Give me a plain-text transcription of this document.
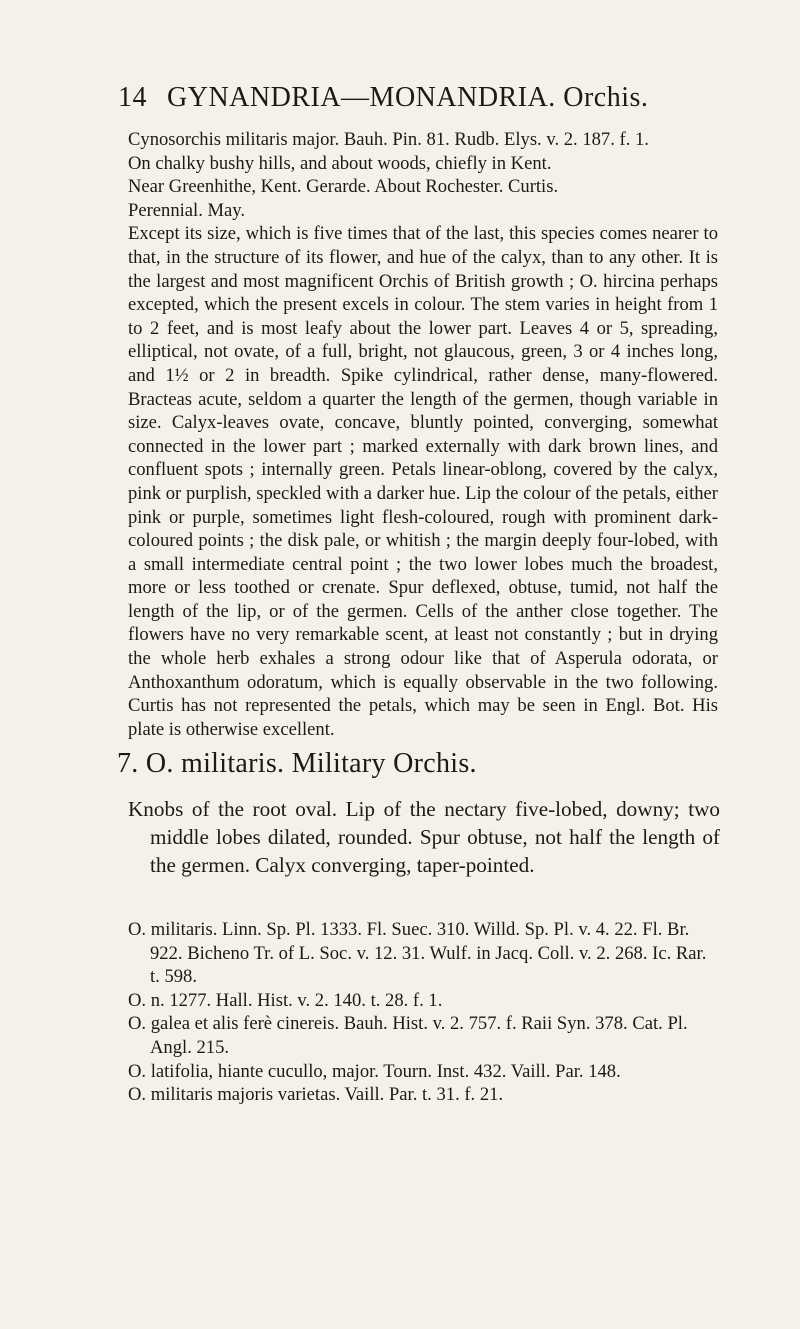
14 GYNANDRIA—MONANDRIA. Orchis.

Cynosorchis militaris major. Bauh. Pin. 81. Rudb. Elys. v. 2. 187. f. 1.

On chalky bushy hills, and about woods, chiefly in Kent.

Near Greenhithe, Kent. Gerarde. About Rochester. Curtis.

Perennial. May.

Except its size, which is five times that of the last, this species comes nearer to that, in the structure of its flower, and hue of the calyx, than to any other. It is the largest and most magnificent Orchis of British growth ; O. hircina perhaps excepted, which the present excels in colour. The stem varies in height from 1 to 2 feet, and is most leafy about the lower part. Leaves 4 or 5, spreading, elliptical, not ovate, of a full, bright, not glaucous, green, 3 or 4 inches long, and 1½ or 2 in breadth. Spike cylindrical, rather dense, many-flowered. Bracteas acute, seldom a quarter the length of the germen, though variable in size. Calyx-leaves ovate, concave, bluntly pointed, converging, somewhat connected in the lower part ; marked externally with dark brown lines, and confluent spots ; internally green. Petals linear-oblong, covered by the calyx, pink or purplish, speckled with a darker hue. Lip the colour of the petals, either pink or purple, sometimes light flesh-coloured, rough with prominent dark-coloured points ; the disk pale, or whitish ; the margin deeply four-lobed, with a small intermediate central point ; the two lower lobes much the broadest, more or less toothed or crenate. Spur deflexed, obtuse, tumid, not half the length of the lip, or of the germen. Cells of the anther close together. The flowers have no very remarkable scent, at least not constantly ; but in drying the whole herb exhales a strong odour like that of Asperula odorata, or Anthoxanthum odoratum, which is equally observable in the two following. Curtis has not represented the petals, which may be seen in Engl. Bot. His plate is otherwise excellent.

7. O. militaris. Military Orchis.

Knobs of the root oval. Lip of the nectary five-lobed, downy; two middle lobes dilated, rounded. Spur obtuse, not half the length of the germen. Calyx converging, taper-pointed.

O. militaris. Linn. Sp. Pl. 1333. Fl. Suec. 310. Willd. Sp. Pl. v. 4. 22. Fl. Br. 922. Bicheno Tr. of L. Soc. v. 12. 31. Wulf. in Jacq. Coll. v. 2. 268. Ic. Rar. t. 598.

O. n. 1277. Hall. Hist. v. 2. 140. t. 28. f. 1.

O. galea et alis ferè cinereis. Bauh. Hist. v. 2. 757. f. Raii Syn. 378. Cat. Pl. Angl. 215.

O. latifolia, hiante cucullo, major. Tourn. Inst. 432. Vaill. Par. 148.

O. militaris majoris varietas. Vaill. Par. t. 31. f. 21.
